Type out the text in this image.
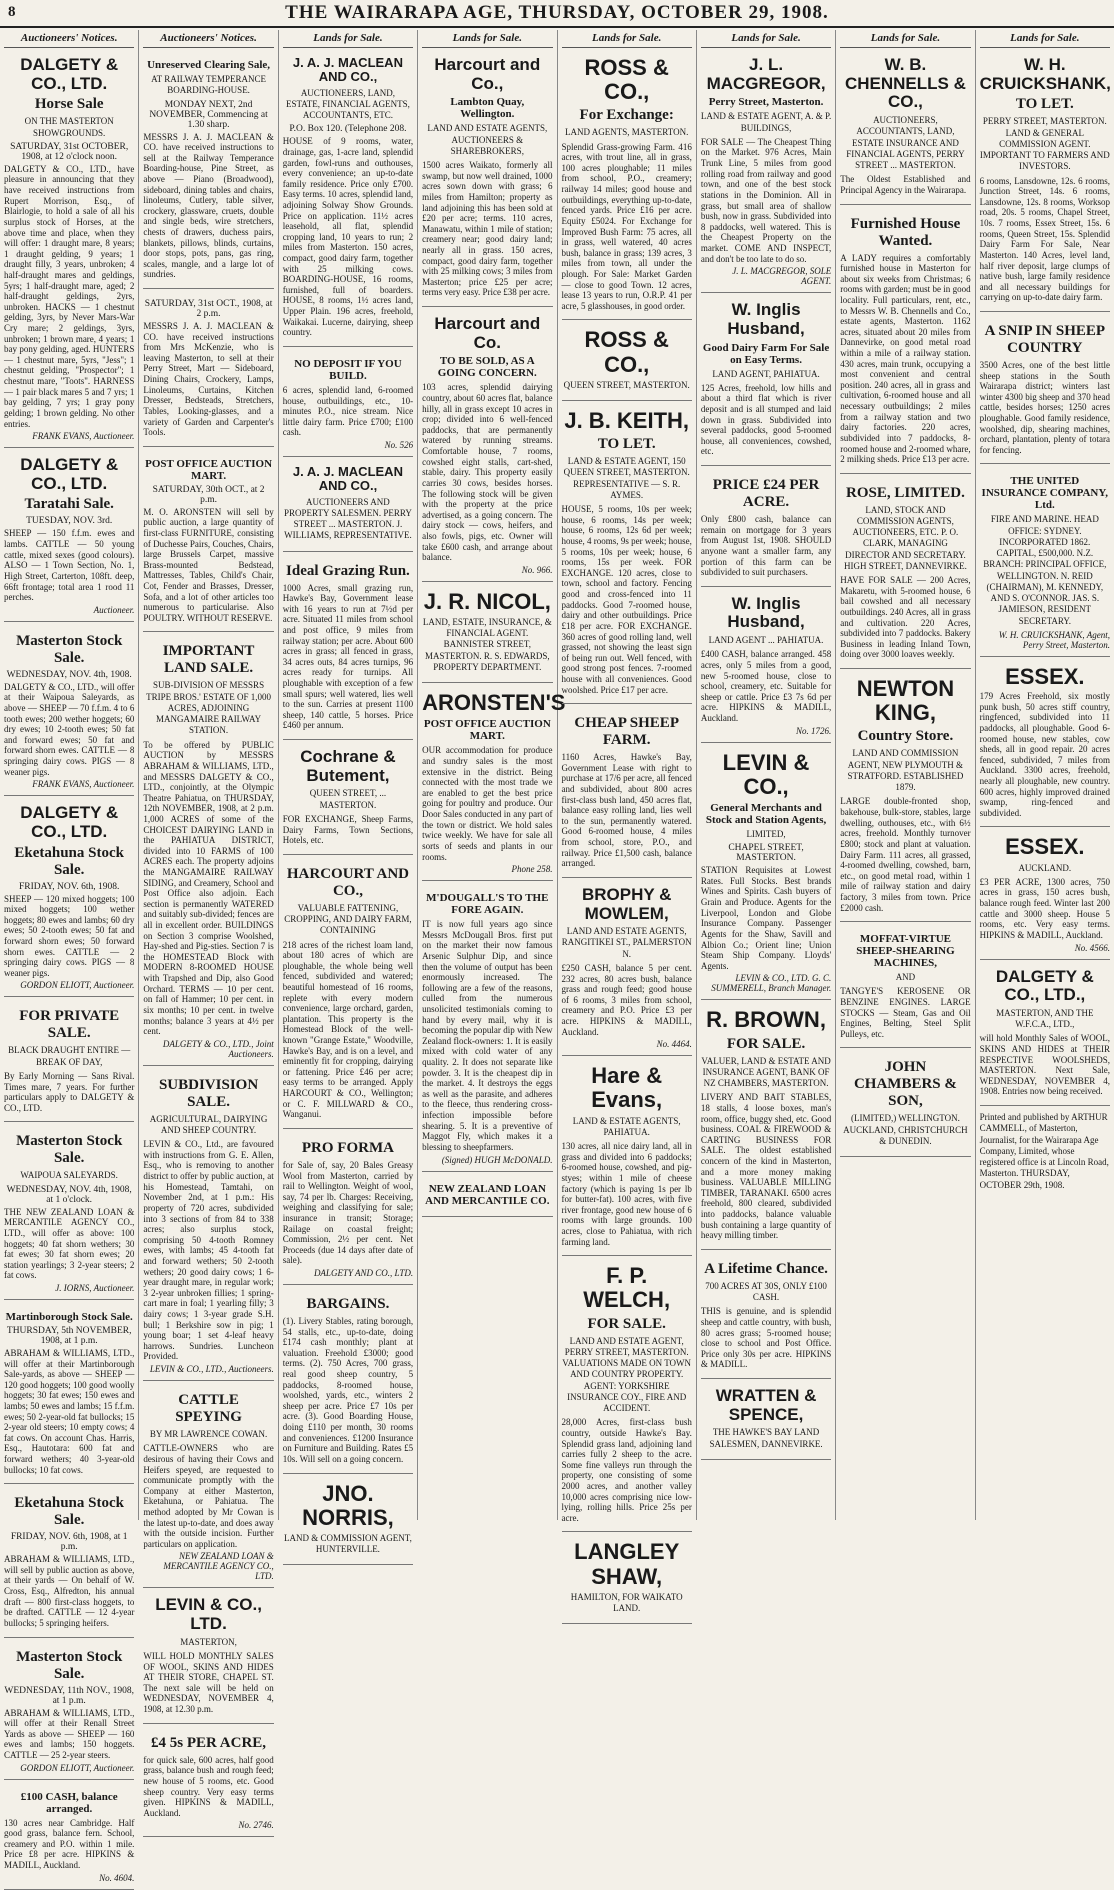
8	THE WAIRARAPA AGE, THURSDAY, OCTOBER 29, 1908.
Auctioneers' Notices.
DALGETY & CO., LTD.
Horse Sale
ON THE MASTERTON SHOWGROUNDS.
SATURDAY, 31st OCTOBER, 1908, at 12 o'clock noon.
DALGETY & CO., LTD., have pleasure in announcing that they have received instructions from Rupert Morrison, Esq., of Blairlogie, to hold a sale of all his surplus stock of Horses, at the above time and place, when they will offer: 1 draught mare, 8 years; 1 draught gelding, 9 years; 1 draught filly, 3 years, unbroken; 4 half-draught mares and geldings, 5yrs; 1 half-draught mare, aged; 2 half-draught geldings, 2yrs, unbroken. HACKS — 1 chestnut gelding, 3yrs, by Never Mars-War Cry mare; 2 geldings, 3yrs, unbroken; 1 brown mare, 4 years; 1 bay pony gelding, aged. HUNTERS — 1 chestnut mare, 5yrs, "Jess"; 1 chestnut gelding, "Prospector"; 1 chestnut mare, "Toots". HARNESS — 1 pair black mares 5 and 7 yrs; 1 bay gelding, 7 yrs; 1 gray pony gelding; 1 brown gelding. No other entries.
FRANK EVANS, Auctioneer.
DALGETY & CO., LTD.
Taratahi Sale.
TUESDAY, NOV. 3rd.
SHEEP — 150 f.f.m. ewes and lambs. CATTLE — 50 young cattle, mixed sexes (good colours). ALSO — 1 Town Section, No. 1, High Street, Carterton, 108ft. deep, 66ft frontage; total area 1 rood 11 perches.
Auctioneer.
Masterton Stock Sale.
WEDNESDAY, NOV. 4th, 1908.
DALGETY & CO., LTD., will offer at their Waipoua Saleyards, as above — SHEEP — 70 f.f.m. 4 to 6 tooth ewes; 200 wether hoggets; 60 dry ewes; 10 2-tooth ewes; 50 fat and forward ewes; 50 fat and forward shorn ewes. CATTLE — 8 springing dairy cows. PIGS — 8 weaner pigs.
FRANK EVANS, Auctioneer.
DALGETY & CO., LTD.
Eketahuna Stock Sale.
FRIDAY, NOV. 6th, 1908.
SHEEP — 120 mixed hoggets; 100 mixed hoggets; 100 wether hoggets; 80 ewes and lambs; 60 dry ewes; 50 2-tooth ewes; 50 fat and forward shorn ewes; 50 forward shorn ewes. CATTLE — 2 springing dairy cows. PIGS — 8 weaner pigs.
GORDON ELIOTT, Auctioneer.
FOR PRIVATE SALE.
BLACK DRAUGHT ENTIRE — BREAK OF DAY,
By Early Morning — Sans Rival. Times mare, 7 years. For further particulars apply to DALGETY & CO., LTD.
Masterton Stock Sale.
WAIPOUA SALEYARDS.
WEDNESDAY, NOV. 4th, 1908, at 1 o'clock.
THE NEW ZEALAND LOAN & MERCANTILE AGENCY CO., LTD., will offer as above: 100 hoggets; 40 fat shorn wethers; 30 fat ewes; 30 fat shorn ewes; 20 station yearlings; 3 2-year steers; 2 fat cows.
J. IORNS, Auctioneer.
Martinborough Stock Sale.
THURSDAY, 5th NOVEMBER, 1908, at 1 p.m.
ABRAHAM & WILLIAMS, LTD., will offer at their Martinborough Sale-yards, as above — SHEEP — 120 good hoggets; 100 good woolly hoggets; 30 fat ewes; 150 ewes and lambs; 50 ewes and lambs; 15 f.f.m. ewes; 50 2-year-old fat bullocks; 15 2-year old steers; 10 empty cows; 4 fat cows. On account Chas. Harris, Esq., Hautotara: 600 fat and forward wethers; 40 3-year-old bullocks; 10 fat cows.
Eketahuna Stock Sale.
FRIDAY, NOV. 6th, 1908, at 1 p.m.
ABRAHAM & WILLIAMS, LTD., will sell by public auction as above, at their yards — On behalf of W. Cross, Esq., Alfredton, his annual draft — 800 first-class hoggets, to be drafted. CATTLE — 12 4-year bullocks; 5 springing heifers.
Masterton Stock Sale.
WEDNESDAY, 11th NOV., 1908, at 1 p.m.
ABRAHAM & WILLIAMS, LTD., will offer at their Renall Street Yards as above — SHEEP — 160 ewes and lambs; 150 hoggets. CATTLE — 25 2-year steers.
GORDON ELIOTT, Auctioneer.
£100 CASH, balance arranged.
130 acres near Cambridge. Half good grass, balance fern. School, creamery and P.O. within 1 mile. Price £8 per acre. HIPKINS & MADILL, Auckland.
No. 4604.
Auctioneers' Notices.
Unreserved Clearing Sale,
AT RAILWAY TEMPERANCE BOARDING-HOUSE.
MONDAY NEXT, 2nd NOVEMBER, Commencing at 1.30 sharp.
MESSRS J. A. J. MACLEAN & CO. have received instructions to sell at the Railway Temperance Boarding-house, Pine Street, as above — Piano (Broadwood), sideboard, dining tables and chairs, linoleums, Cutlery, table silver, crockery, glassware, cruets, double and single beds, wire stretchers, chests of drawers, duchess pairs, blankets, pillows, blinds, curtains, door stops, pots, pans, gas ring, scales, mangle, and a large lot of sundries.
SATURDAY, 31st OCT., 1908, at 2 p.m.
MESSRS J. A. J. MACLEAN & CO. have received instructions from Mrs McKenzie, who is leaving Masterton, to sell at their Perry Street, Mart — Sideboard, Dining Chairs, Crockery, Lamps, Linoleums, Curtains, Kitchen Dresser, Bedsteads, Stretchers, Tables, Looking-glasses, and a variety of Garden and Carpenter's Tools.
POST OFFICE AUCTION MART.
SATURDAY, 30th OCT., at 2 p.m.
M. O. ARONSTEN will sell by public auction, a large quantity of first-class FURNITURE, consisting of Duchesse Pairs, Couches, Chairs, large Brussels Carpet, massive Brass-mounted Bedstead, Mattresses, Tables, Child's Chair, Cot, Fender and Brasses, Dresser, Sofa, and a lot of other articles too numerous to particularise. Also POULTRY. WITHOUT RESERVE.
IMPORTANT LAND SALE.
SUB-DIVISION OF MESSRS TRIPE BROS.' ESTATE OF 1,000 ACRES, ADJOINING MANGAMAIRE RAILWAY STATION.
To be offered by PUBLIC AUCTION by MESSRS ABRAHAM & WILLIAMS, LTD., and MESSRS DALGETY & CO., LTD., conjointly, at the Olympic Theatre Pahiatua, on THURSDAY, 12th NOVEMBER, 1908, at 2 p.m. 1,000 ACRES of some of the CHOICEST DAIRYING LAND in the PAHIATUA DISTRICT, divided into 10 FARMS of 100 ACRES each. The property adjoins the MANGAMAIRE RAILWAY SIDING, and Creamery, School and Post Office also adjoin. Each section is permanently WATERED and suitably sub-divided; fences are all in excellent order. BUILDINGS on Section 3 comprise Woolshed, Hay-shed and Pig-sties. Section 7 is the HOMESTEAD Block with MODERN 8-ROOMED HOUSE with Trapshed and Dip, also Good Orchard. TERMS — 10 per cent. on fall of Hammer; 10 per cent. in six months; 10 per cent. in twelve months; balance 3 years at 4½ per cent.
DALGETY & CO., LTD., Joint Auctioneers.
SUBDIVISION SALE.
AGRICULTURAL, DAIRYING AND SHEEP COUNTRY.
LEVIN & CO., Ltd., are favoured with instructions from G. E. Allen, Esq., who is removing to another district to offer by public auction, at his Homestead, Tamtahi, on November 2nd, at 1 p.m.: His property of 720 acres, subdivided into 3 sections of from 84 to 338 acres; also surplus stock, comprising 50 4-tooth Romney ewes, with lambs; 45 4-tooth fat and forward wethers; 50 2-tooth wethers; 20 good dairy cows; 1 6-year draught mare, in regular work; 3 2-year unbroken fillies; 1 spring-cart mare in foal; 1 yearling filly; 3 dairy cows; 1 3-year grade S.H. bull; 1 Berkshire sow in pig; 1 young boar; 1 set 4-leaf heavy harrows. Sundries. Luncheon Provided.
LEVIN & CO., LTD., Auctioneers.
CATTLE SPEYING
BY MR LAWRENCE COWAN.
CATTLE-OWNERS who are desirous of having their Cows and Heifers speyed, are requested to communicate promptly with the Company at either Masterton, Eketahuna, or Pahiatua. The method adopted by Mr Cowan is the latest up-to-date, and does away with the outside incision. Further particulars on application.
NEW ZEALAND LOAN & MERCANTILE AGENCY CO., LTD.
LEVIN & CO., LTD.
MASTERTON,
WILL HOLD MONTHLY SALES OF WOOL, SKINS AND HIDES AT THEIR STORE, CHAPEL ST. The next sale will be held on WEDNESDAY, NOVEMBER 4, 1908, at 12.30 p.m.
£4 5s PER ACRE,
for quick sale, 600 acres, half good grass, balance bush and rough feed; new house of 5 rooms, etc. Good sheep country. Very easy terms given. HIPKINS & MADILL, Auckland.
No. 2746.
Lands for Sale.
J. A. J. MACLEAN AND CO.,
AUCTIONEERS, LAND, ESTATE, FINANCIAL AGENTS, ACCOUNTANTS, ETC.
P.O. Box 120. (Telephone 208.
HOUSE of 9 rooms, water, drainage, gas, 1-acre land, splendid garden, fowl-runs and outhouses, every convenience; an up-to-date family residence. Price only £700. Easy terms. 10 acres, splendid land, adjoining Solway Show Grounds. Price on application. 11½ acres leasehold, all flat, splendid cropping land, 10 years to run; 2 miles from Masterton. 150 acres, compact, good dairy farm, together with 25 milking cows. BOARDING-HOUSE, 16 rooms, furnished, full of boarders. HOUSE, 8 rooms, 1½ acres land, Upper Plain. 196 acres, freehold, Waikakai. Lucerne, dairying, sheep country.
NO DEPOSIT IF YOU BUILD.
6 acres, splendid land, 6-roomed house, outbuildings, etc., 10-minutes P.O., nice stream. Nice little dairy farm. Price £700; £100 cash.
No. 526
J. A. J. MACLEAN AND CO.,
AUCTIONEERS AND PROPERTY SALESMEN. PERRY STREET ... MASTERTON. J. WILLIAMS, REPRESENTATIVE.
Ideal Grazing Run.
1000 Acres, small grazing run, Hawke's Bay, Government lease with 16 years to run at 7½d per acre. Situated 11 miles from school and post office, 9 miles from railway station; per acre. About 600 acres in grass; all fenced in grass, 34 acres outs, 84 acres turnips, 96 acres ready for turnips. All ploughable with exception of a few small spurs; well watered, lies well to the sun. Carries at present 1100 sheep, 140 cattle, 5 horses. Price £460 per annum.
Cochrane & Butement,
QUEEN STREET, ... MASTERTON.
FOR EXCHANGE, Sheep Farms, Dairy Farms, Town Sections, Hotels, etc.
HARCOURT AND CO.,
VALUABLE FATTENING, CROPPING, AND DAIRY FARM, CONTAINING
218 acres of the richest loam land, about 180 acres of which are ploughable, the whole being well fenced, subdivided and watered; beautiful homestead of 16 rooms, replete with every modern convenience, large orchard, garden, plantation. This property is the Homestead Block of the well-known "Grange Estate," Woodville, Hawke's Bay, and is on a level, and eminently fit for cropping, dairying or fattening. Price £46 per acre; easy terms to be arranged. Apply HARCOURT & CO., Wellington; or C. F. MILLWARD & CO., Wanganui.
PRO FORMA
for Sale of, say, 20 Bales Greasy Wool from Masterton, carried by rail to Wellington. Weight of wool, say, 74 per lb. Charges: Receiving, weighing and classifying for sale; insurance in transit; Storage; Railage on coastal freight; Commission, 2½ per cent. Net Proceeds (due 14 days after date of sale).
DALGETY AND CO., LTD.
BARGAINS.
(1). Livery Stables, rating borough, 54 stalls, etc., up-to-date, doing £174 cash monthly; plant at valuation. Freehold £3000; good terms. (2). 750 Acres, 700 grass, real good sheep country, 5 paddocks, 8-roomed house, woolshed, yards, etc., winters 2 sheep per acre. Price £7 10s per acre. (3). Good Boarding House, doing £110 per month, 30 rooms and conveniences. £1200 Insurance on Furniture and Building. Rates £5 10s. Will sell on a going concern.
JNO. NORRIS,
LAND & COMMISSION AGENT, HUNTERVILLE.
Lands for Sale.
Harcourt and Co.,
Lambton Quay, Wellington.
LAND AND ESTATE AGENTS, AUCTIONEERS & SHAREBROKERS,
1500 acres Waikato, formerly all swamp, but now well drained, 1000 acres sown down with grass; 6 miles from Hamilton; property as land adjoining this has been sold at £20 per acre; terms. 110 acres, Manawatu, within 1 mile of station; creamery near; good dairy land; nearly all in grass. 150 acres, compact, good dairy farm, together with 25 milking cows; 3 miles from Masterton; price £25 per acre; terms very easy. Price £38 per acre.
Harcourt and Co.
TO BE SOLD, AS A GOING CONCERN.
103 acres, splendid dairying country, about 60 acres flat, balance hilly, all in grass except 10 acres in crop; divided into 6 well-fenced paddocks, that are permanently watered by running streams. Comfortable house, 7 rooms, cowshed eight stalls, cart-shed, stable, dairy. This property easily carries 30 cows, besides horses. The following stock will be given with the property at the price advertised, as a going concern. The dairy stock — cows, heifers, and also fowls, pigs, etc. Owner will take £600 cash, and arrange about balance.
No. 966.
J. R. NICOL,
LAND, ESTATE, INSURANCE, & FINANCIAL AGENT. BANNISTER STREET, MASTERTON. R. S. EDWARDS, PROPERTY DEPARTMENT.
ARONSTEN'S
POST OFFICE AUCTION MART.
OUR accommodation for produce and sundry sales is the most extensive in the district. Being connected with the most trade we are enabled to get the best price going for poultry and produce. Our Door Sales conducted in any part of the town or district. We hold sales twice weekly. We have for sale all sorts of seeds and plants in our rooms.
Phone 258.
M'DOUGALL'S TO THE FORE AGAIN.
IT is now full years ago since Messrs McDougall Bros. first put on the market their now famous Arsenic Sulphur Dip, and since then the volume of output has been enormously increased. The following are a few of the reasons, culled from the numerous unsolicited testimonials coming to hand by every mail, why it is becoming the popular dip with New Zealand flock-owners: 1. It is easily mixed with cold water of any quality. 2. It does not separate like powder. 3. It is the cheapest dip in the market. 4. It destroys the eggs as well as the parasite, and adheres to the fleece, thus rendering cross-infection impossible before shearing. 5. It is a preventive of Maggot Fly, which makes it a blessing to sheepfarmers.
(Signed) HUGH McDONALD.
NEW ZEALAND LOAN AND MERCANTILE CO.
Lands for Sale.
ROSS & CO.,
For Exchange:
LAND AGENTS, MASTERTON.
Splendid Grass-growing Farm. 416 acres, with trout line, all in grass, 100 acres ploughable; 11 miles from school, P.O., creamery; railway 14 miles; good house and outbuildings, everything up-to-date, fenced yards. Price £16 per acre. Equity £5024. For Exchange for Improved Bush Farm: 75 acres, all in grass, well watered, 40 acres bush, balance in grass; 139 acres, 3 miles from town, all under the plough. For Sale: Market Garden — close to good Town. 12 acres, lease 13 years to run, O.R.P. 41 per acre, 5 glasshouses, in good order.
ROSS & CO.,
QUEEN STREET, MASTERTON.
J. B. KEITH,
TO LET.
LAND & ESTATE AGENT, 150 QUEEN STREET, MASTERTON. REPRESENTATIVE — S. R. AYMES.
HOUSE, 5 rooms, 10s per week; house, 6 rooms, 14s per week; house, 6 rooms, 12s 6d per week; house, 4 rooms, 9s per week; house, 5 rooms, 10s per week; house, 6 rooms, 15s per week. FOR EXCHANGE. 120 acres, close to town, school and factory. Fencing good and cross-fenced into 11 paddocks. Good 7-roomed house, dairy and other outbuildings. Price £18 per acre. FOR EXCHANGE. 360 acres of good rolling land, well grassed, not showing the least sign of being run out. Well fenced, with good strong post fences. 7-roomed house with all conveniences. Good woolshed. Price £17 per acre.
CHEAP SHEEP FARM.
1160 Acres, Hawke's Bay, Government Lease with right to purchase at 17/6 per acre, all fenced and subdivided, about 800 acres first-class bush land, 450 acres flat, balance easy rolling land, lies well to the sun, permanently watered. Good 6-roomed house, 4 miles from school, store, P.O., and railway. Price £1,500 cash, balance arranged.
BROPHY & MOWLEM,
LAND AND ESTATE AGENTS, RANGITIKEI ST., PALMERSTON N.
£250 CASH, balance 5 per cent. 232 acres, 80 acres bush, balance grass and rough feed; good house of 6 rooms, 3 miles from school, creamery and P.O. Price £3 per acre. HIPKINS & MADILL, Auckland.
No. 4464.
Hare & Evans,
LAND & ESTATE AGENTS, PAHIATUA.
130 acres, all nice dairy land, all in grass and divided into 6 paddocks; 6-roomed house, cowshed, and pig-styes; within 1 mile of cheese factory (which is paying 1s per lb for butter-fat). 100 acres, with five river frontage, good new house of 6 rooms with large grounds. 100 acres, close to Pahiatua, with rich farming land.
F. P. WELCH,
FOR SALE.
LAND AND ESTATE AGENT, PERRY STREET, MASTERTON. VALUATIONS MADE ON TOWN AND COUNTRY PROPERTY. AGENT: YORKSHIRE INSURANCE COY., FIRE AND ACCIDENT.
28,000 Acres, first-class bush country, outside Hawke's Bay. Splendid grass land, adjoining land carries fully 2 sheep to the acre. Some fine valleys run through the property, one consisting of some 2000 acres, and another valley 10,000 acres comprising nice low-lying, rolling hills. Price 25s per acre.
LANGLEY SHAW,
HAMILTON, FOR WAIKATO LAND.
Lands for Sale.
J. L. MACGREGOR,
Perry Street, Masterton.
LAND & ESTATE AGENT, A. & P. BUILDINGS,
FOR SALE — The Cheapest Thing on the Market. 976 Acres, Main Trunk Line, 5 miles from good rolling road from railway and good town, and one of the best stock stations in the Dominion. All in grass, but small area of shallow bush, now in grass. Subdivided into 8 paddocks, well watered. This is the Cheapest Property on the market. COME AND INSPECT, and don't be too late to do so.
J. L. MACGREGOR, SOLE AGENT.
W. Inglis Husband,
Good Dairy Farm For Sale on Easy Terms.
LAND AGENT, PAHIATUA.
125 Acres, freehold, low hills and about a third flat which is river deposit and is all stumped and laid down in grass. Subdivided into several paddocks, good 5-roomed house, all conveniences, cowshed, etc.
PRICE £24 PER ACRE.
Only £800 cash, balance can remain on mortgage for 3 years from August 1st, 1908. SHOULD anyone want a smaller farm, any portion of this farm can be subdivided to suit purchasers.
W. Inglis Husband,
LAND AGENT ... PAHIATUA.
£400 CASH, balance arranged. 458 acres, only 5 miles from a good, new 5-roomed house, close to school, creamery, etc. Suitable for sheep or cattle. Price £3 7s 6d per acre. HIPKINS & MADILL, Auckland.
No. 1726.
LEVIN & CO.,
General Merchants and Stock and Station Agents,
LIMITED,
CHAPEL STREET, MASTERTON.
STATION Requisites at Lowest Rates. Full Stocks. Best brands Wines and Spirits. Cash buyers of Grain and Produce. Agents for the Liverpool, London and Globe Insurance Company. Passenger Agents for the Shaw, Savill and Albion Co.; Orient line; Union Steam Ship Company. Lloyds' Agents.
LEVIN & CO., LTD. G. C. SUMMERELL, Branch Manager.
R. BROWN,
FOR SALE.
VALUER, LAND & ESTATE AND INSURANCE AGENT, BANK OF NZ CHAMBERS, MASTERTON.
LIVERY AND BAIT STABLES, 18 stalls, 4 loose boxes, man's room, office, buggy shed, etc. Good business. COAL & FIREWOOD & CARTING BUSINESS FOR SALE. The oldest established concern of the kind in Masterton, and a more money making business. VALUABLE MILLING TIMBER, TARANAKI. 6500 acres freehold, 800 cleared, subdivided into paddocks, balance valuable bush containing a large quantity of heavy milling timber.
A Lifetime Chance.
700 ACRES AT 30S, ONLY £100 CASH.
THIS is genuine, and is splendid sheep and cattle country, with bush, 80 acres grass; 5-roomed house; close to school and Post Office. Price only 30s per acre. HIPKINS & MADILL.
WRATTEN & SPENCE,
THE HAWKE'S BAY LAND SALESMEN, DANNEVIRKE.
Lands for Sale.
W. B. CHENNELLS & CO.,
AUCTIONEERS, ACCOUNTANTS, LAND, ESTATE INSURANCE AND FINANCIAL AGENTS, PERRY STREET ... MASTERTON.
The Oldest Established and Principal Agency in the Wairarapa.
Furnished House Wanted.
A LADY requires a comfortably furnished house in Masterton for about six weeks from Christmas; 6 rooms with garden; must be in good locality. Full particulars, rent, etc., to Messrs W. B. Chennells and Co., estate agents, Masterton. 1162 acres, situated about 20 miles from Dannevirke, on good metal road within a mile of a railway station. 430 acres, main trunk, occupying a most convenient and central position. 240 acres, all in grass and cultivation, 6-roomed house and all necessary outbuildings; 2 miles from a railway station and two dairy factories. 220 acres, subdivided into 7 paddocks, 8-roomed house and 2-roomed whare, 2 milking sheds. Price £13 per acre.
ROSE, LIMITED.
LAND, STOCK AND COMMISSION AGENTS, AUCTIONEERS, ETC. P. O. CLARK, MANAGING DIRECTOR AND SECRETARY. HIGH STREET, DANNEVIRKE.
HAVE FOR SALE — 200 Acres, Makaretu, with 5-roomed house, 6 bail cowshed and all necessary outbuildings. 240 Acres, all in grass and cultivation. 220 Acres, subdivided into 7 paddocks. Bakery Business in leading Inland Town, doing over 3000 loaves weekly.
NEWTON KING,
Country Store.
LAND AND COMMISSION AGENT, NEW PLYMOUTH & STRATFORD. ESTABLISHED 1879.
LARGE double-fronted shop, bakehouse, bulk-store, stables, large dwelling, outhouses, etc., with 6½ acres, freehold. Monthly turnover £800; stock and plant at valuation. Dairy Farm. 111 acres, all grassed, 4-roomed dwelling, cowshed, barn, etc., on good metal road, within 1 mile of railway station and dairy factory, 3 miles from town. Price £2000 cash.
MOFFAT-VIRTUE SHEEP-SHEARING MACHINES,
AND
TANGYE'S KEROSENE OR BENZINE ENGINES. LARGE STOCKS — Steam, Gas and Oil Engines, Belting, Steel Split Pulleys, etc.
JOHN CHAMBERS & SON,
(LIMITED,) WELLINGTON. AUCKLAND, CHRISTCHURCH & DUNEDIN.
Lands for Sale.
W. H. CRUICKSHANK,
TO LET.
PERRY STREET, MASTERTON. LAND & GENERAL COMMISSION AGENT. IMPORTANT TO FARMERS AND INVESTORS.
6 rooms, Lansdowne, 12s. 6 rooms, Junction Street, 14s. 6 rooms, Lansdowne, 12s. 8 rooms, Worksop road, 20s. 5 rooms, Chapel Street, 10s. 7 rooms, Essex Street, 15s. 6 rooms, Queen Street, 15s. Splendid Dairy Farm For Sale, Near Masterton. 140 Acres, level land, half river deposit, large clumps of native bush, large family residence and all necessary buildings for carrying on up-to-date dairy farm.
A SNIP IN SHEEP COUNTRY
3500 Acres, one of the best little sheep stations in the South Wairarapa district; winters last winter 4300 big sheep and 370 head cattle, besides horses; 1250 acres ploughable. Good family residence, woolshed, dip, shearing machines, orchard, plantation, plenty of totara for fencing.
THE UNITED INSURANCE COMPANY, Ltd.
FIRE AND MARINE. HEAD OFFICE: SYDNEY. INCORPORATED 1862. CAPITAL, £500,000. N.Z. BRANCH: PRINCIPAL OFFICE, WELLINGTON. N. REID (CHAIRMAN), M. KENNEDY, AND S. O'CONNOR. JAS. S. JAMIESON, RESIDENT SECRETARY.
W. H. CRUICKSHANK, Agent, Perry Street, Masterton.
ESSEX.
179 Acres Freehold, six mostly punk bush, 50 acres stiff country, ringfenced, subdivided into 11 paddocks, all ploughable. Good 6-roomed house, new stables, cow sheds, all in good repair. 20 acres fenced, subdivided, 7 miles from Auckland. 3300 acres, freehold, nearly all ploughable, new country. 600 acres, highly improved drained swamp, ring-fenced and subdivided.
ESSEX.
AUCKLAND.
£3 PER ACRE, 1300 acres, 750 acres in grass, 150 acres bush, balance rough feed. Winter last 200 cattle and 3000 sheep. House 5 rooms, etc. Very easy terms. HIPKINS & MADILL, Auckland.
No. 4566.
DALGETY & CO., LTD.,
MASTERTON, AND THE W.F.C.A., LTD.,
will hold Monthly Sales of WOOL, SKINS AND HIDES at THEIR RESPECTIVE WOOLSHEDS, MASTERTON. Next Sale, WEDNESDAY, NOVEMBER 4, 1908. Entries now being received.
Printed and published by ARTHUR CAMMELL, of Masterton, Journalist, for the Wairarapa Age Company, Limited, whose registered office is at Lincoln Road, Masterton. THURSDAY, OCTOBER 29th, 1908.
